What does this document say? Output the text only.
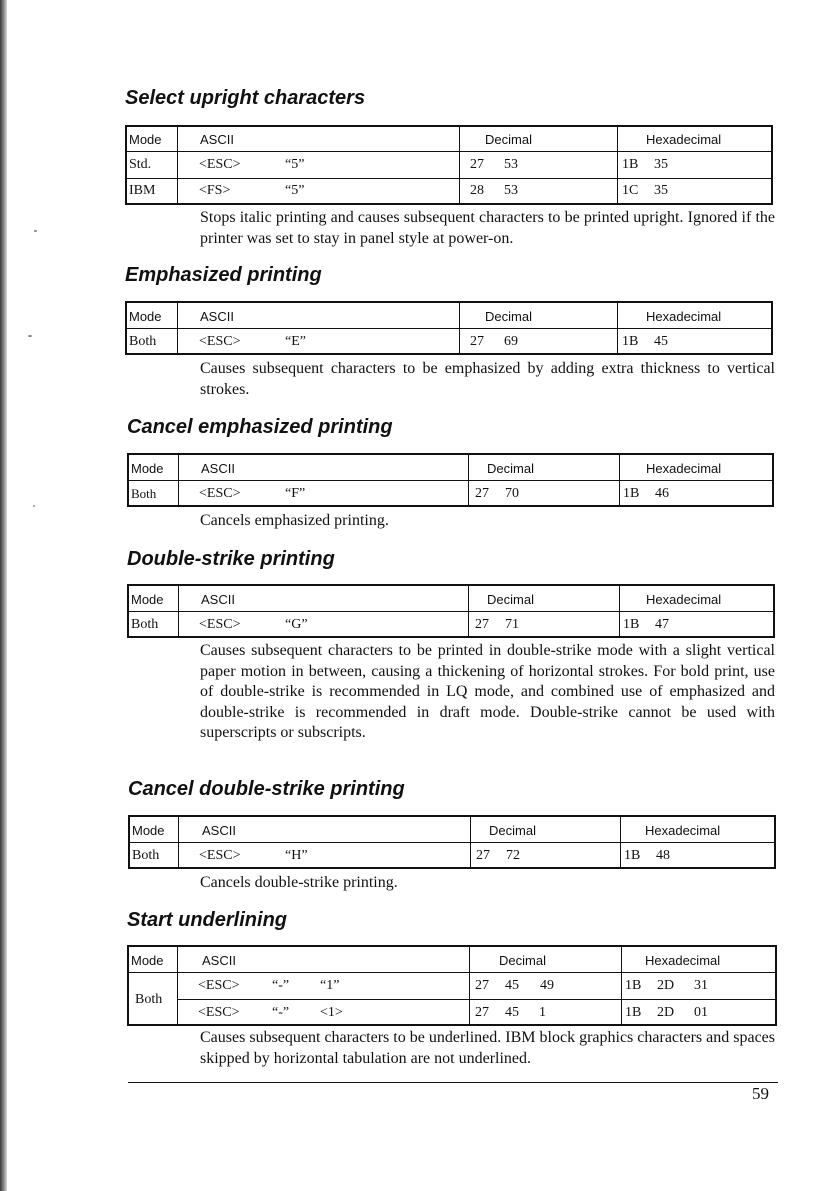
Select upright characters
Mode	ASCII	Decimal	Hexadecimal
Std.	<ESC>	“5”	27 53	1B 35
IBM	<FS>	“5”	28 53	1C 35

Stops italic printing and causes subsequent characters to be printed upright. Ignored if the printer was set to stay in panel style at power-on.

Emphasized printing
Mode	ASCII	Decimal	Hexadecimal
Both	<ESC>	“E”	27 69	1B 45

Causes subsequent characters to be emphasized by adding extra thickness to vertical strokes.

Cancel emphasized printing
Mode	ASCII	Decimal	Hexadecimal
Both	<ESC>	“F”	27 70	1B 46

Cancels emphasized printing.

Double-strike printing
Mode	ASCII	Decimal	Hexadecimal
Both	<ESC>	“G”	27 71	1B 47

Causes subsequent characters to be printed in double-strike mode with a slight vertical paper motion in between, causing a thickening of horizontal strokes. For bold print, use of double-strike is recommended in LQ mode, and combined use of emphasized and double-strike is recommended in draft mode. Double-strike cannot be used with superscripts or subscripts.

Cancel double-strike printing
Mode	ASCII	Decimal	Hexadecimal
Both	<ESC>	“H”	27 72	1B 48

Cancels double-strike printing.

Start underlining
Mode	ASCII	Decimal	Hexadecimal
Both
<ESC> “-” “1”	27 45 49	1B 2D 31
<ESC> “-” <1>	27 45 1	1B 2D 01

Causes subsequent characters to be underlined. IBM block graphics characters and spaces skipped by horizontal tabulation are not underlined.

59
